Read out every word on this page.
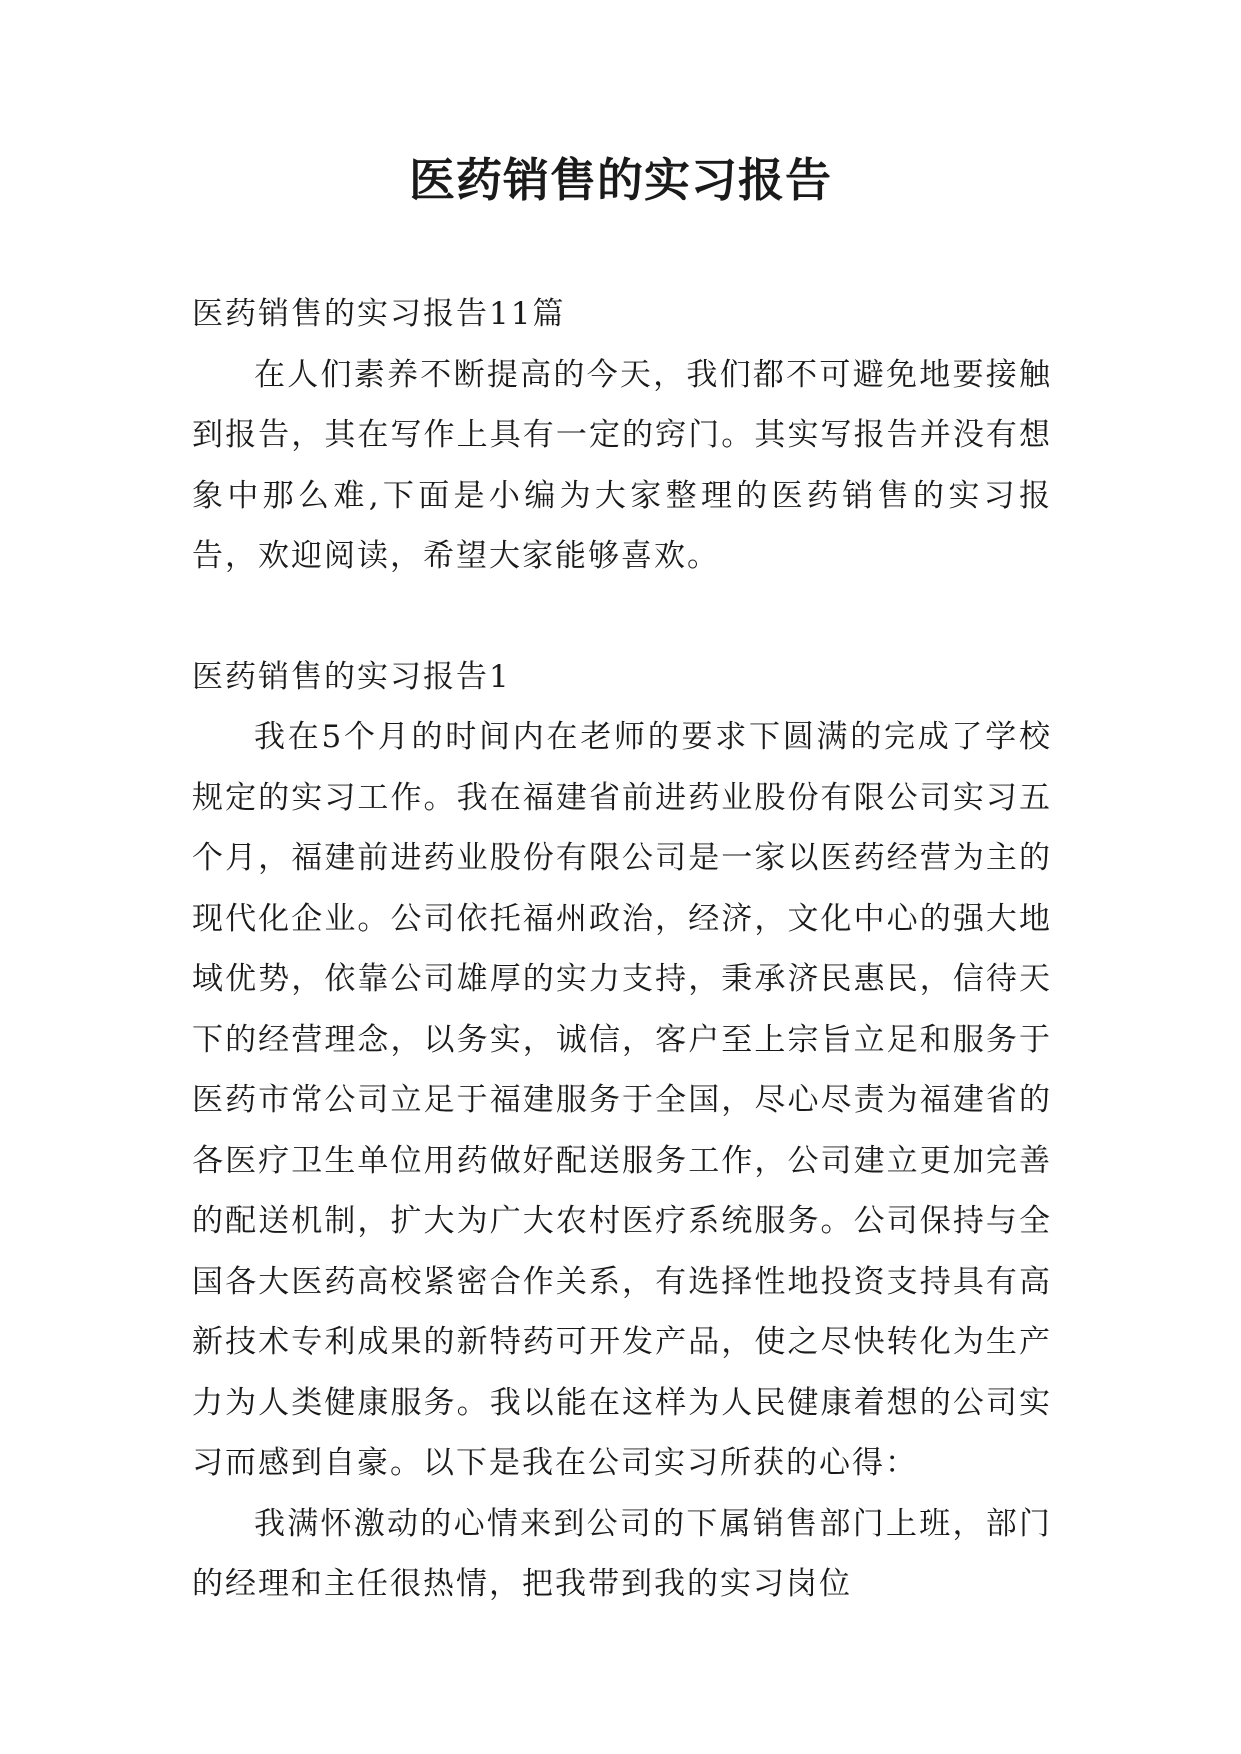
医药销售的实习报告

医药销售的实习报告11篇

在人们素养不断提高的今天，我们都不可避免地要接触到报告，其在写作上具有一定的窍门。其实写报告并没有想象中那么难,下面是小编为大家整理的医药销售的实习报告，欢迎阅读，希望大家能够喜欢。

医药销售的实习报告1

我在5个月的时间内在老师的要求下圆满的完成了学校规定的实习工作。我在福建省前进药业股份有限公司实习五个月，福建前进药业股份有限公司是一家以医药经营为主的现代化企业。公司依托福州政治，经济，文化中心的强大地域优势，依靠公司雄厚的实力支持，秉承济民惠民，信待天下的经营理念，以务实，诚信，客户至上宗旨立足和服务于医药市常公司立足于福建服务于全国，尽心尽责为福建省的各医疗卫生单位用药做好配送服务工作，公司建立更加完善的配送机制，扩大为广大农村医疗系统服务。公司保持与全国各大医药高校紧密合作关系，有选择性地投资支持具有高新技术专利成果的新特药可开发产品，使之尽快转化为生产力为人类健康服务。我以能在这样为人民健康着想的公司实习而感到自豪。以下是我在公司实习所获的心得：

我满怀激动的心情来到公司的下属销售部门上班，部门的经理和主任很热情，把我带到我的实习岗位
